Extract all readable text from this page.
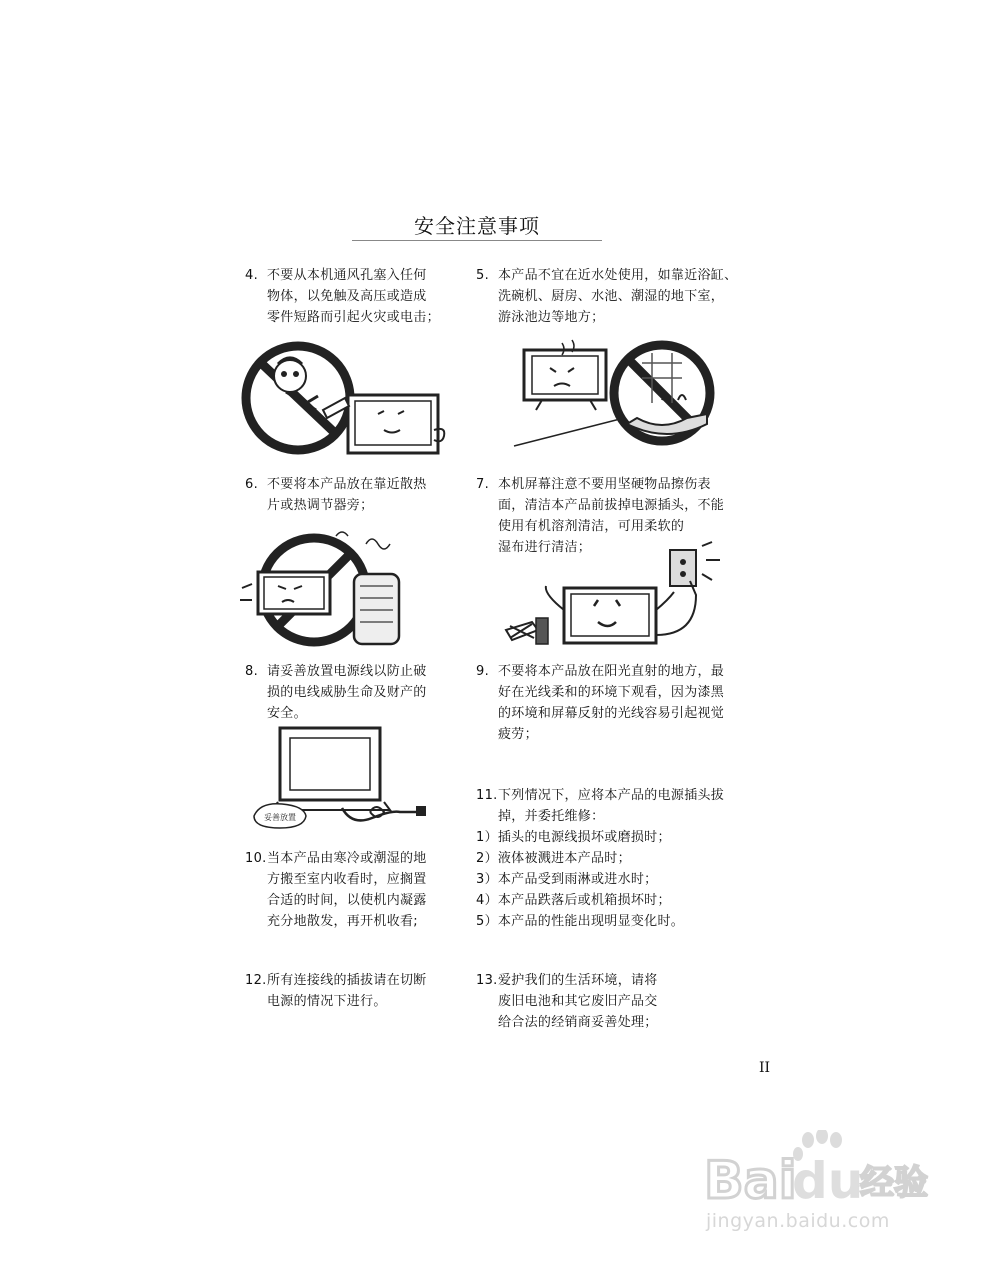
安全注意事项
4. 不要从本机通风孔塞入任何
物体，以免触及高压或造成
零件短路而引起火灾或电击；
5. 本产品不宜在近水处使用，如靠近浴缸、
洗碗机、厨房、水池、潮湿的地下室，
游泳池边等地方；
6. 不要将本产品放在靠近散热
片或热调节器旁；
7. 本机屏幕注意不要用坚硬物品擦伤表
面，清洁本产品前拔掉电源插头，不能
使用有机溶剂清洁，可用柔软的
湿布进行清洁；
8. 请妥善放置电源线以防止破
损的电线威胁生命及财产的
安全。
9. 不要将本产品放在阳光直射的地方，最
好在光线柔和的环境下观看，因为漆黑
的环境和屏幕反射的光线容易引起视觉
疲劳；
妥善放置
11.下列情况下，应将本产品的电源插头拔
掉，并委托维修：
1）插头的电源线损坏或磨损时；
2）液体被溅进本产品时；
3）本产品受到雨淋或进水时；
4）本产品跌落后或机箱损坏时；
5）本产品的性能出现明显变化时。
10.当本产品由寒冷或潮湿的地
方搬至室内收看时，应搁置
合适的时间，以使机内凝露
充分地散发，再开机收看;
12.所有连接线的插拔请在切断
电源的情况下进行。
13.爱护我们的生活环境，请将
废旧电池和其它废旧产品交
给合法的经销商妥善处理；
II
Bai
du
经验
jingyan.baidu.com
